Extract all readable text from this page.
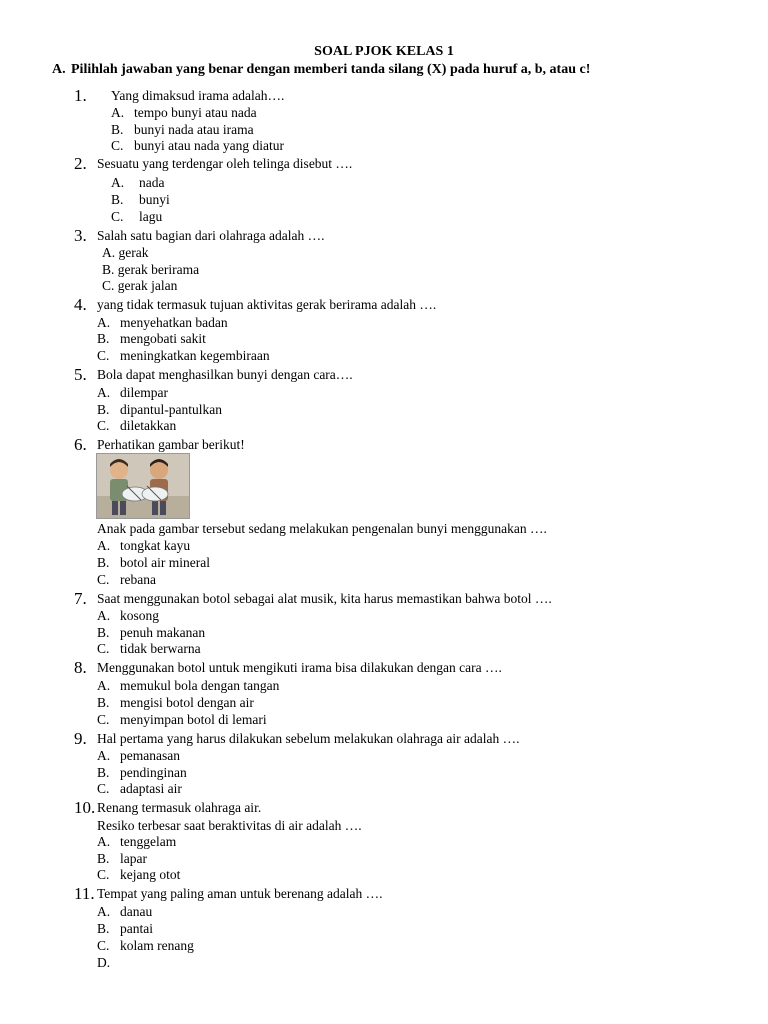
SOAL PJOK KELAS 1
A. Pilihlah jawaban yang benar dengan memberi tanda silang (X) pada huruf a, b, atau c!
1. Yang dimaksud irama adalah….
A. tempo bunyi atau nada
B. bunyi nada atau irama
C. bunyi atau nada yang diatur
2. Sesuatu yang terdengar oleh telinga disebut ….
A. nada
B. bunyi
C. lagu
3. Salah satu bagian dari olahraga adalah ….
A. gerak
B. gerak berirama
C. gerak jalan
4. yang tidak termasuk tujuan aktivitas gerak berirama adalah ….
A. menyehatkan badan
B. mengobati sakit
C. meningkatkan kegembiraan
5. Bola dapat menghasilkan bunyi dengan cara….
A. dilempar
B. dipantul-pantulkan
C. diletakkan
6. Perhatikan gambar berikut!
Anak pada gambar tersebut sedang melakukan pengenalan bunyi menggunakan ….
A. tongkat kayu
B. botol air mineral
C. rebana
7. Saat menggunakan botol sebagai alat musik, kita harus memastikan bahwa botol ….
A. kosong
B. penuh makanan
C. tidak berwarna
8. Menggunakan botol untuk mengikuti irama bisa dilakukan dengan cara ….
A. memukul bola dengan tangan
B. mengisi botol dengan air
C. menyimpan botol di lemari
9. Hal pertama yang harus dilakukan sebelum melakukan olahraga air adalah ….
A. pemanasan
B. pendinginan
C. adaptasi air
10. Renang termasuk olahraga air.
Resiko terbesar saat beraktivitas di air adalah ….
A. tenggelam
B. lapar
C. kejang otot
11. Tempat yang paling aman untuk berenang adalah ….
A. danau
B. pantai
C. kolam renang
D.
